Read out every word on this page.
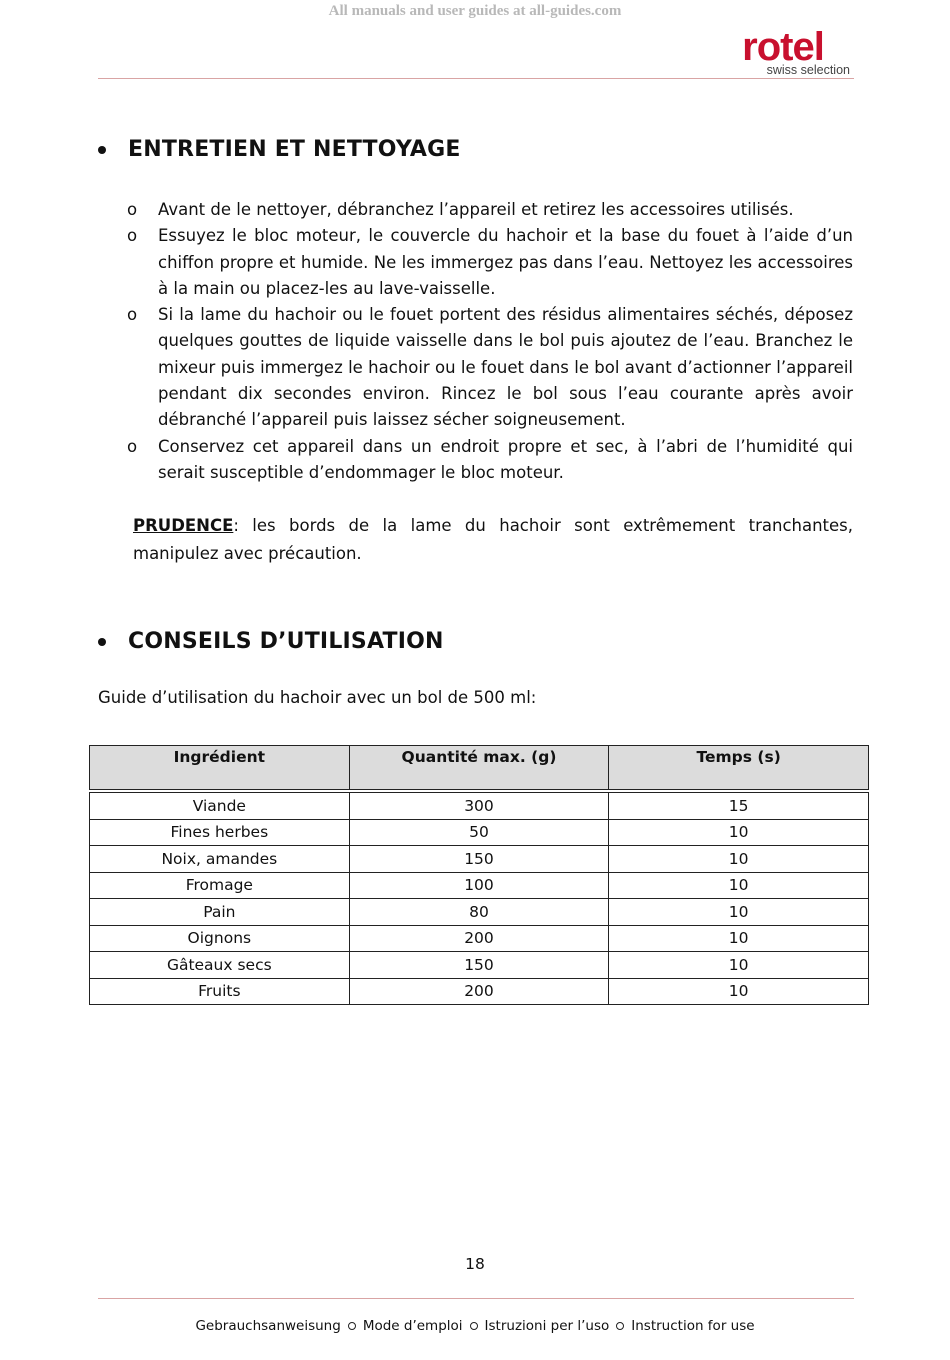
All manuals and user guides at all-guides.com
rotel
swiss selection
ENTRETIEN ET NETTOYAGE
o	Avant de le nettoyer, débranchez l’appareil et retirez les accessoires utilisés.
o	Essuyez le bloc moteur, le couvercle du hachoir et la base du fouet à l’aide d’un chiffon propre et humide. Ne les immergez pas dans l’eau. Nettoyez les accessoires à la main ou placez-les au lave-vaisselle.
o	Si la lame du hachoir ou le fouet portent des résidus alimentaires séchés, déposez quelques gouttes de liquide vaisselle dans le bol puis ajoutez de l’eau. Branchez le mixeur puis immergez le hachoir ou le fouet dans le bol avant d’actionner l’appareil pendant dix secondes environ. Rincez le bol sous l’eau courante après avoir débranché l’appareil puis laissez sécher soigneusement.
o	Conservez cet appareil dans un endroit propre et sec, à l’abri de l’humidité qui serait susceptible d’endommager le bloc moteur.

PRUDENCE: les bords de la lame du hachoir sont extrêmement tranchantes, manipulez avec précaution.

CONSEILS D’UTILISATION

Guide d’utilisation du hachoir avec un bol de 500 ml:

Ingrédient	Quantité max. (g)	Temps (s)

Viande	300	15
Fines herbes	50	10
Noix, amandes	150	10
Fromage	100	10
Pain	80	10
Oignons	200	10
Gâteaux secs	150	10
Fruits	200	10
18
Gebrauchsanweisung Mode d’emploi Istruzioni per l’uso Instruction for use
